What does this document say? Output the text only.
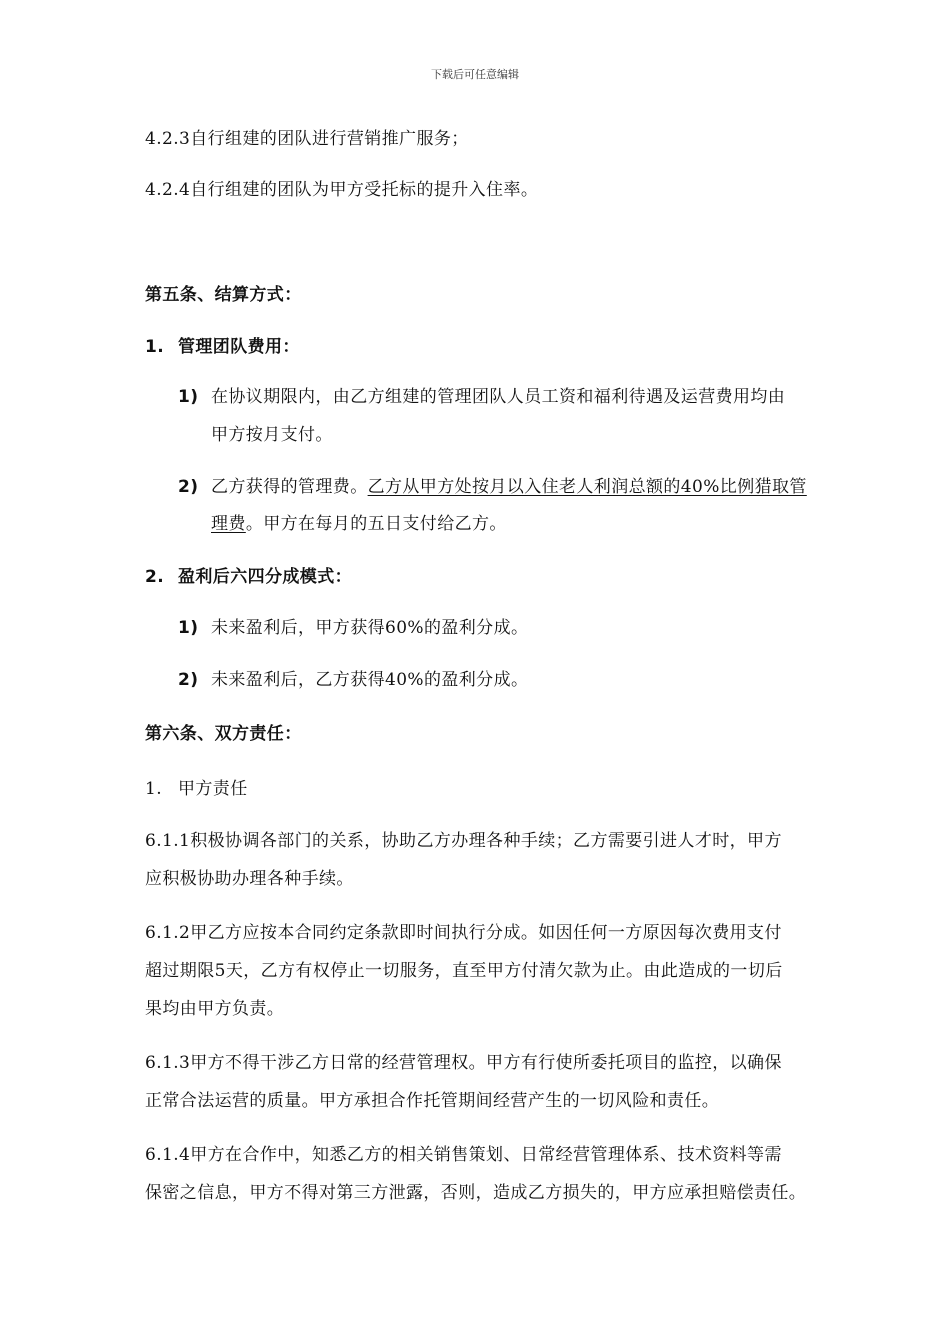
下载后可任意编辑
4.2.3自行组建的团队进行营销推广服务；
4.2.4自行组建的团队为甲方受托标的提升入住率。
第五条、结算方式：
1. 管理团队费用：
1) 在协议期限内，由乙方组建的管理团队人员工资和福利待遇及运营费用均由
甲方按月支付。
2) 乙方获得的管理费。乙方从甲方处按月以入住老人利润总额的40%比例猎取管
理费。甲方在每月的五日支付给乙方。
2. 盈利后六四分成模式：
1) 未来盈利后，甲方获得60%的盈利分成。
2) 未来盈利后，乙方获得40%的盈利分成。
第六条、双方责任：
1. 甲方责任
6.1.1积极协调各部门的关系，协助乙方办理各种手续；乙方需要引进人才时，甲方
应积极协助办理各种手续。
6.1.2甲乙方应按本合同约定条款即时间执行分成。如因任何一方原因每次费用支付
超过期限5天，乙方有权停止一切服务，直至甲方付清欠款为止。由此造成的一切后
果均由甲方负责。
6.1.3甲方不得干涉乙方日常的经营管理权。甲方有行使所委托项目的监控，以确保
正常合法运营的质量。甲方承担合作托管期间经营产生的一切风险和责任。
6.1.4甲方在合作中，知悉乙方的相关销售策划、日常经营管理体系、技术资料等需
保密之信息，甲方不得对第三方泄露，否则，造成乙方损失的，甲方应承担赔偿责任。
